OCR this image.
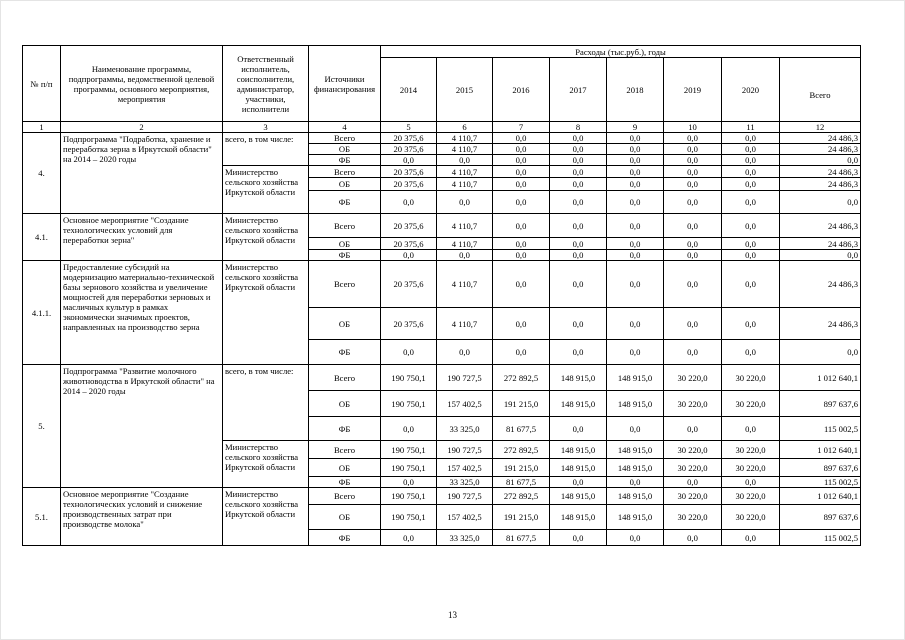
№ п/п	Наименование программы, подпрограммы, ведомственной целевой программы, основного мероприятия, мероприятия	Ответственный исполнитель, соисполнители, администратор, участники, исполнители	Источники финансирования	Расходы (тыс.руб.), годы							
				2014	2015	2016	2017	2018	2019	2020	Всего
1	2	3	4	5	6	7	8	9	10	11	12
4.	Подпрограмма "Подработка, хранение и переработка зерна в Иркутской области" на 2014 – 2020 годы	всего, в том числе:	Всего	20 375,6	4 110,7	0,0	0,0	0,0	0,0	0,0	24 486,3
			ОБ	20 375,6	4 110,7	0,0	0,0	0,0	0,0	0,0	24 486,3
			ФБ	0,0	0,0	0,0	0,0	0,0	0,0	0,0	0,0
		Министерство сельского хозяйства Иркутской области	Всего	20 375,6	4 110,7	0,0	0,0	0,0	0,0	0,0	24 486,3
			ОБ	20 375,6	4 110,7	0,0	0,0	0,0	0,0	0,0	24 486,3
			ФБ	0,0	0,0	0,0	0,0	0,0	0,0	0,0	0,0
4.1.	Основное мероприятие "Создание технологических условий для переработки зерна"	Министерство сельского хозяйства Иркутской области	Всего	20 375,6	4 110,7	0,0	0,0	0,0	0,0	0,0	24 486,3
			ОБ	20 375,6	4 110,7	0,0	0,0	0,0	0,0	0,0	24 486,3
			ФБ	0,0	0,0	0,0	0,0	0,0	0,0	0,0	0,0
4.1.1.	Предоставление субсидий на модернизацию материально-технической базы зернового хозяйства и увеличение мощностей для переработки зерновых и масличных культур в рамках экономически значимых проектов, направленных на производство зерна	Министерство сельского хозяйства Иркутской области	Всего	20 375,6	4 110,7	0,0	0,0	0,0	0,0	0,0	24 486,3
			ОБ	20 375,6	4 110,7	0,0	0,0	0,0	0,0	0,0	24 486,3
			ФБ	0,0	0,0	0,0	0,0	0,0	0,0	0,0	0,0
5.	Подпрограмма "Развитие молочного животноводства в Иркутской области" на 2014 – 2020 годы	всего, в том числе:	Всего	190 750,1	190 727,5	272 892,5	148 915,0	148 915,0	30 220,0	30 220,0	1 012 640,1
			ОБ	190 750,1	157 402,5	191 215,0	148 915,0	148 915,0	30 220,0	30 220,0	897 637,6
			ФБ	0,0	33 325,0	81 677,5	0,0	0,0	0,0	0,0	115 002,5
		Министерство сельского хозяйства Иркутской области	Всего	190 750,1	190 727,5	272 892,5	148 915,0	148 915,0	30 220,0	30 220,0	1 012 640,1
			ОБ	190 750,1	157 402,5	191 215,0	148 915,0	148 915,0	30 220,0	30 220,0	897 637,6
			ФБ	0,0	33 325,0	81 677,5	0,0	0,0	0,0	0,0	115 002,5
5.1.	Основное мероприятие "Создание технологических условий и снижение производственных затрат при производстве молока"	Министерство сельского хозяйства Иркутской области	Всего	190 750,1	190 727,5	272 892,5	148 915,0	148 915,0	30 220,0	30 220,0	1 012 640,1
			ОБ	190 750,1	157 402,5	191 215,0	148 915,0	148 915,0	30 220,0	30 220,0	897 637,6
			ФБ	0,0	33 325,0	81 677,5	0,0	0,0	0,0	0,0	115 002,5
13
